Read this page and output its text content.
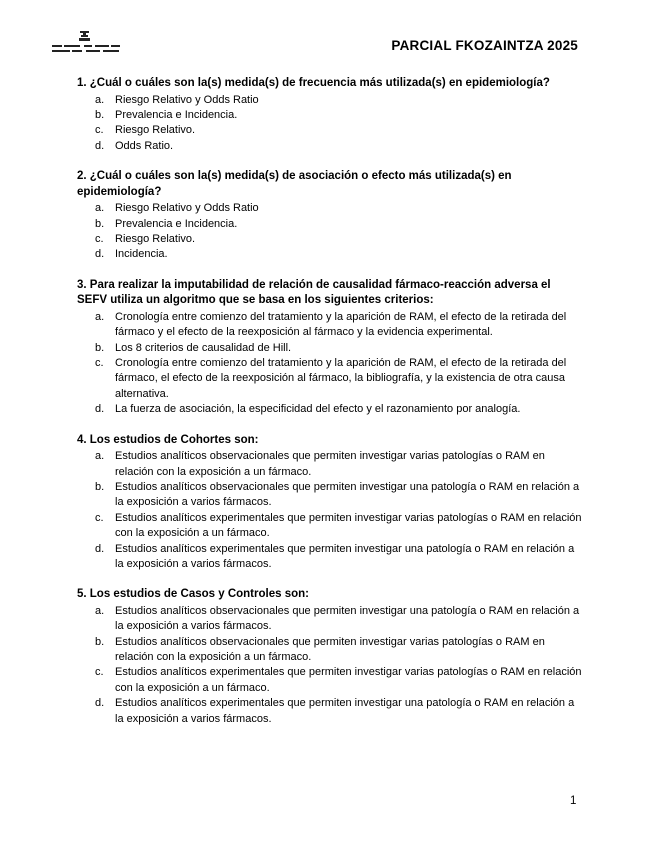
PARCIAL FKOZAINTZA 2025
1. ¿Cuál o cuáles son la(s) medida(s) de frecuencia más utilizada(s) en epidemiología?
a. Riesgo Relativo y Odds Ratio
b. Prevalencia e Incidencia.
c. Riesgo Relativo.
d. Odds Ratio.
2. ¿Cuál o cuáles son la(s) medida(s) de asociación o efecto más utilizada(s) en epidemiología?
a. Riesgo Relativo y Odds Ratio
b. Prevalencia e Incidencia.
c. Riesgo Relativo.
d. Incidencia.
3. Para realizar la imputabilidad de relación de causalidad fármaco-reacción adversa el SEFV utiliza un algoritmo que se basa en los siguientes criterios:
a. Cronología entre comienzo del tratamiento y la aparición de RAM, el efecto de la retirada del fármaco y el efecto de la reexposición al fármaco y la evidencia experimental.
b. Los 8 criterios de causalidad de Hill.
c. Cronología entre comienzo del tratamiento y la aparición de RAM, el efecto de la retirada del fármaco, el efecto de la reexposición al fármaco, la bibliografía, y la existencia de otra causa alternativa.
d. La fuerza de asociación, la especificidad del efecto y el razonamiento por analogía.
4. Los estudios de Cohortes son:
a. Estudios analíticos observacionales que permiten investigar varias patologías o RAM en relación con la exposición a un fármaco.
b. Estudios analíticos observacionales que permiten investigar una patología o RAM en relación a la exposición a varios fármacos.
c. Estudios analíticos experimentales que permiten investigar varias patologías o RAM en relación con la exposición a un fármaco.
d. Estudios analíticos experimentales que permiten investigar una patología o RAM en relación a la exposición a varios fármacos.
5. Los estudios de Casos y Controles son:
a. Estudios analíticos observacionales que permiten investigar una patología o RAM en relación a la exposición a varios fármacos.
b. Estudios analíticos observacionales que permiten investigar varias patologías o RAM en relación con la exposición a un fármaco.
c. Estudios analíticos experimentales que permiten investigar varias patologías o RAM en relación con la exposición a un fármaco.
d. Estudios analíticos experimentales que permiten investigar una patología o RAM en relación a la exposición a varios fármacos.
1
